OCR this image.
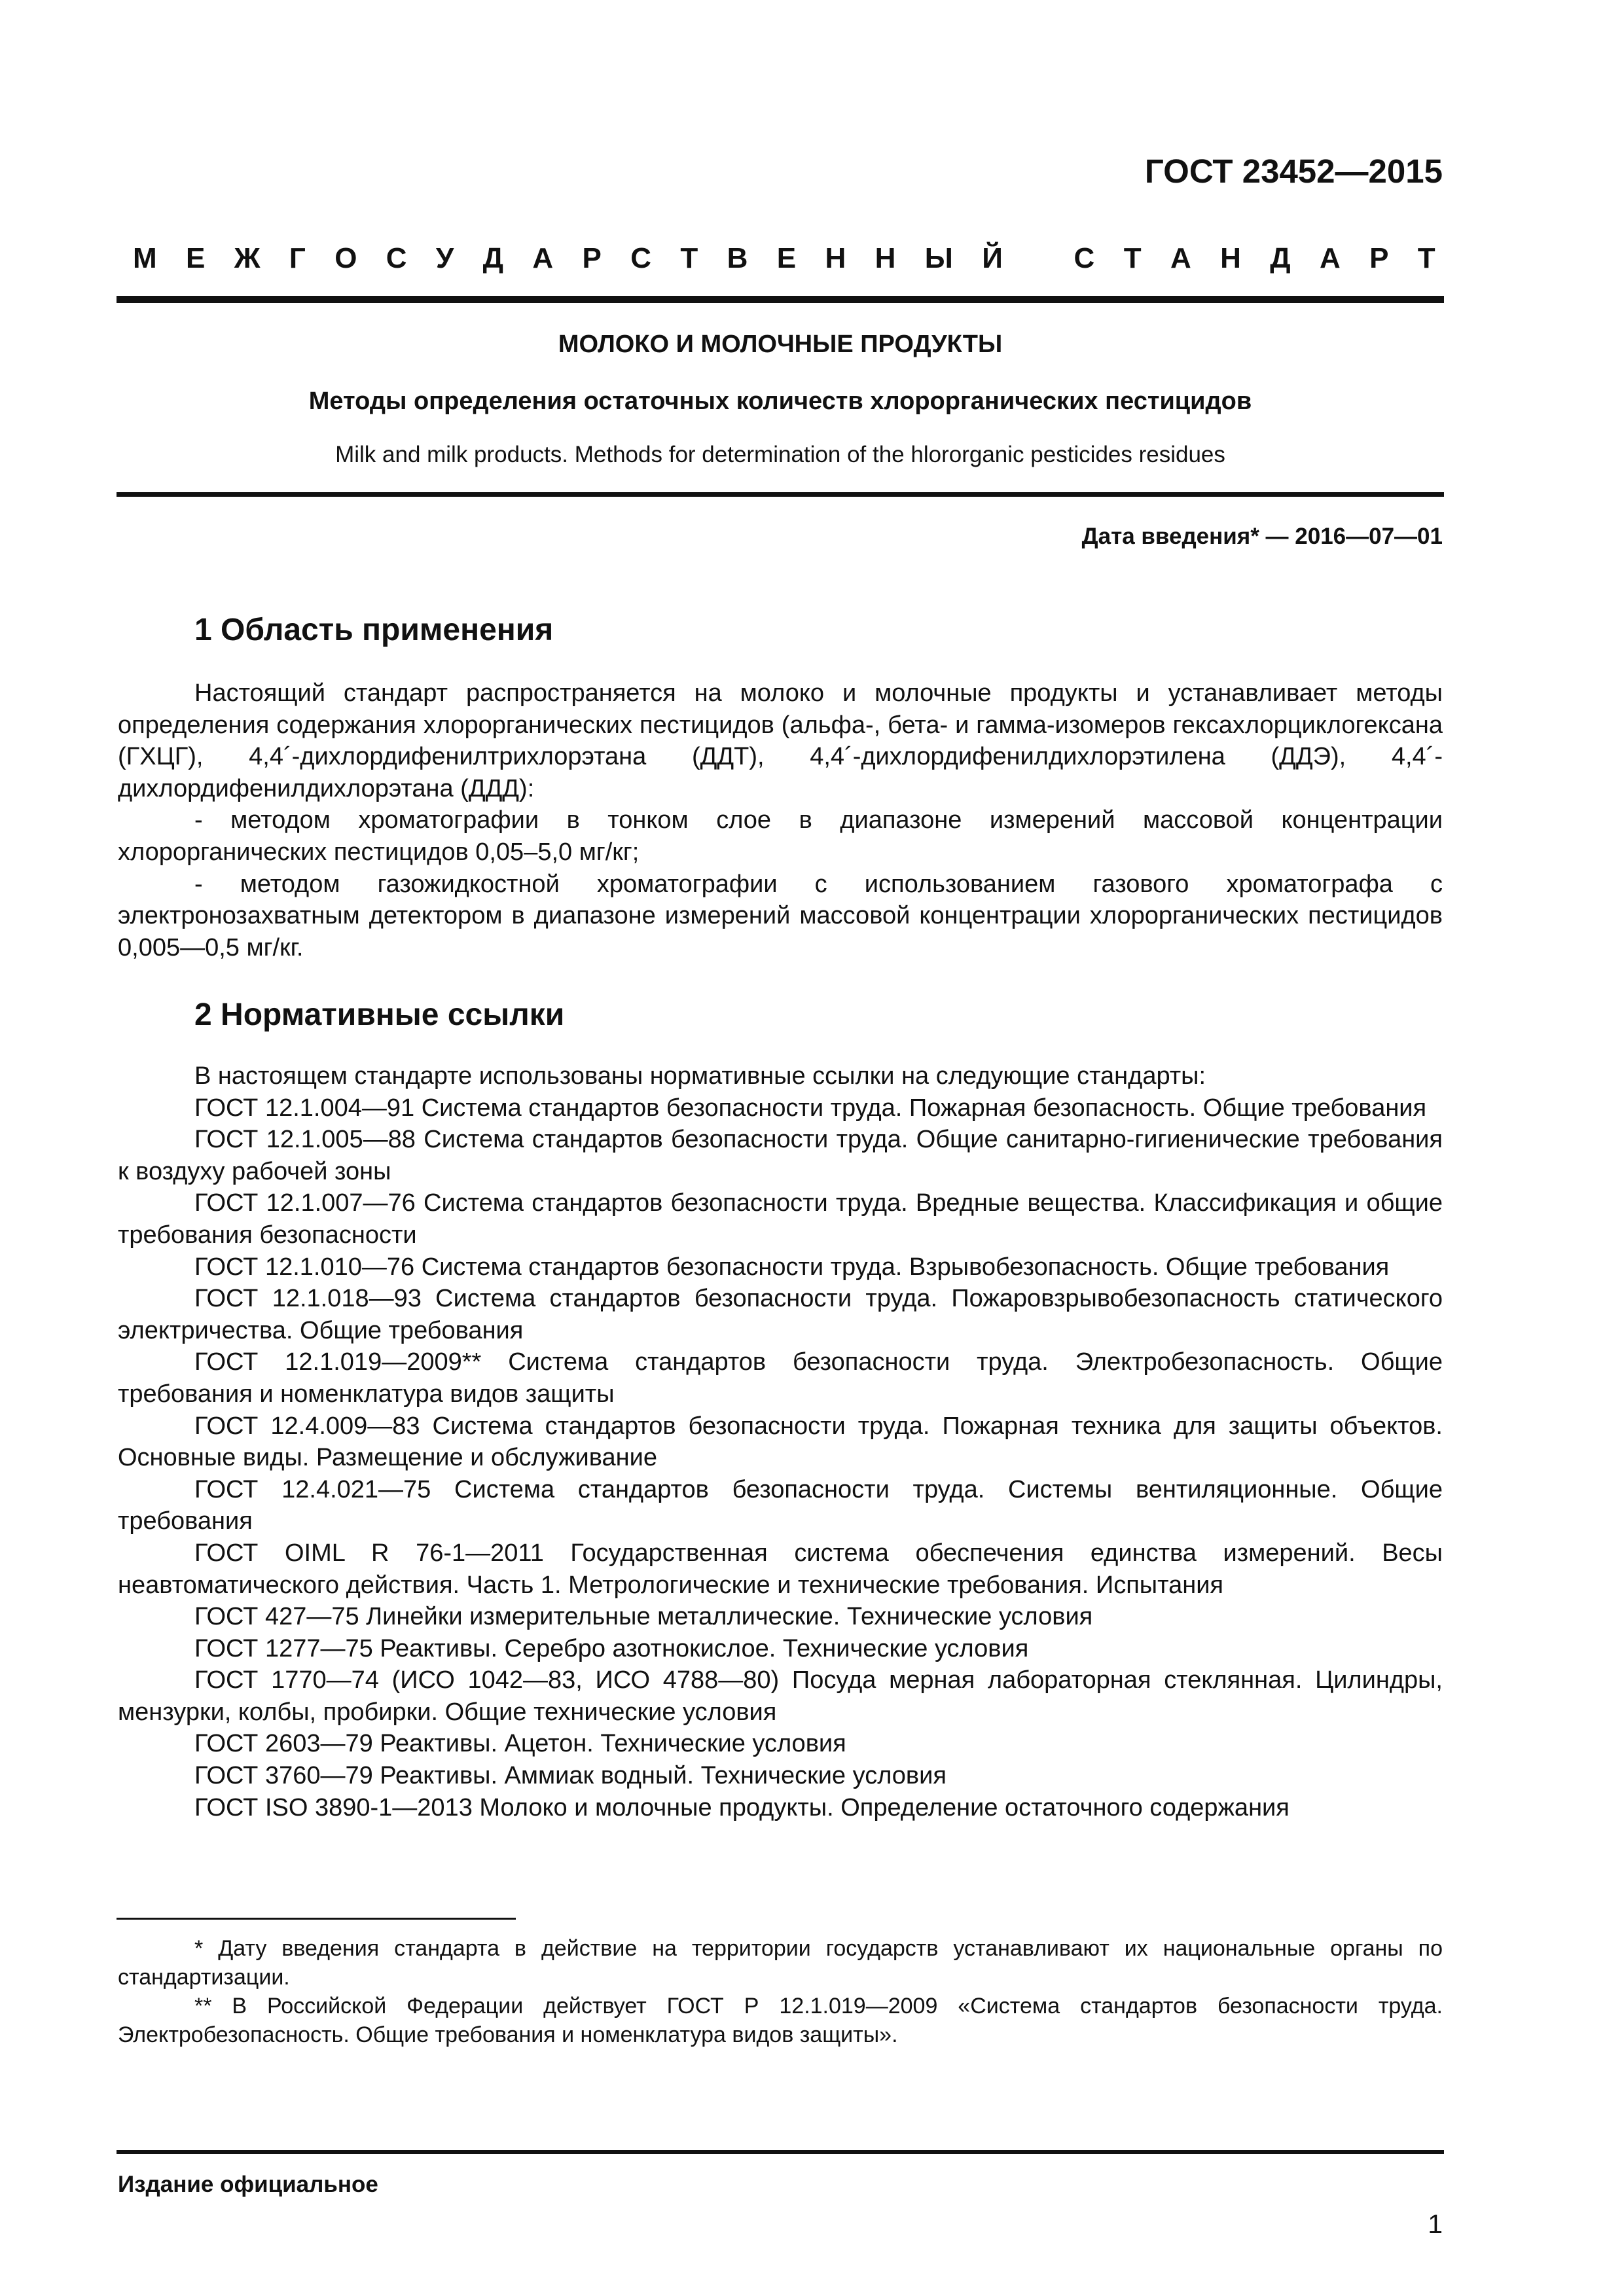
ГОСТ 23452—2015
М Е Ж Г О С У Д А Р С Т В Е Н Н Ы Й С Т А Н Д А Р Т
МОЛОКО И МОЛОЧНЫЕ ПРОДУКТЫ
Методы определения остаточных количеств хлорорганических пестицидов
Milk and milk products. Methods for determination of the hlororganic pesticides residues
Дата введения* — 2016—07—01
1 Область применения

Настоящий стандарт распространяется на молоко и молочные продукты и устанавливает методы определения содержания хлорорганических пестицидов (альфа-, бета- и гамма-изомеров гексахлорциклогексана (ГХЦГ), 4,4´-дихлордифенилтрихлорэтана (ДДТ), 4,4´-дихлордифенилдихлорэтилена (ДДЭ), 4,4´-дихлордифенилдихлорэтана (ДДД):

- методом хроматографии в тонком слое в диапазоне измерений массовой концентрации хлорорганических пестицидов 0,05–5,0 мг/кг;

- методом газожидкостной хроматографии с использованием газового хроматографа с электронозахватным детектором в диапазоне измерений массовой концентрации хлорорганических пестицидов 0,005—0,5 мг/кг.

2 Нормативные ссылки

В настоящем стандарте использованы нормативные ссылки на следующие стандарты:

ГОСТ 12.1.004—91 Система стандартов безопасности труда. Пожарная безопасность. Общие требования

ГОСТ 12.1.005—88 Система стандартов безопасности труда. Общие санитарно-гигиенические требования к воздуху рабочей зоны

ГОСТ 12.1.007—76 Система стандартов безопасности труда. Вредные вещества. Классификация и общие требования безопасности

ГОСТ 12.1.010—76 Система стандартов безопасности труда. Взрывобезопасность. Общие требования

ГОСТ 12.1.018—93 Система стандартов безопасности труда. Пожаровзрывобезопасность статического электричества. Общие требования

ГОСТ 12.1.019—2009** Система стандартов безопасности труда. Электробезопасность. Общие требования и номенклатура видов защиты

ГОСТ 12.4.009—83 Система стандартов безопасности труда. Пожарная техника для защиты объектов. Основные виды. Размещение и обслуживание

ГОСТ 12.4.021—75 Система стандартов безопасности труда. Системы вентиляционные. Общие требования

ГОСТ OIML R 76-1—2011 Государственная система обеспечения единства измерений. Весы неавтоматического действия. Часть 1. Метрологические и технические требования. Испытания

ГОСТ 427—75 Линейки измерительные металлические. Технические условия

ГОСТ 1277—75 Реактивы. Серебро азотнокислое. Технические условия

ГОСТ 1770—74 (ИСО 1042—83, ИСО 4788—80) Посуда мерная лабораторная стеклянная. Цилиндры, мензурки, колбы, пробирки. Общие технические условия

ГОСТ 2603—79 Реактивы. Ацетон. Технические условия

ГОСТ 3760—79 Реактивы. Аммиак водный. Технические условия

ГОСТ ISO 3890-1—2013 Молоко и молочные продукты. Определение остаточного содержания

* Дату введения стандарта в действие на территории государств устанавливают их национальные органы по стандартизации.

** В Российской Федерации действует ГОСТ Р 12.1.019—2009 «Система стандартов безопасности труда. Электробезопасность. Общие требования и номенклатура видов защиты».

Издание официальное
1
